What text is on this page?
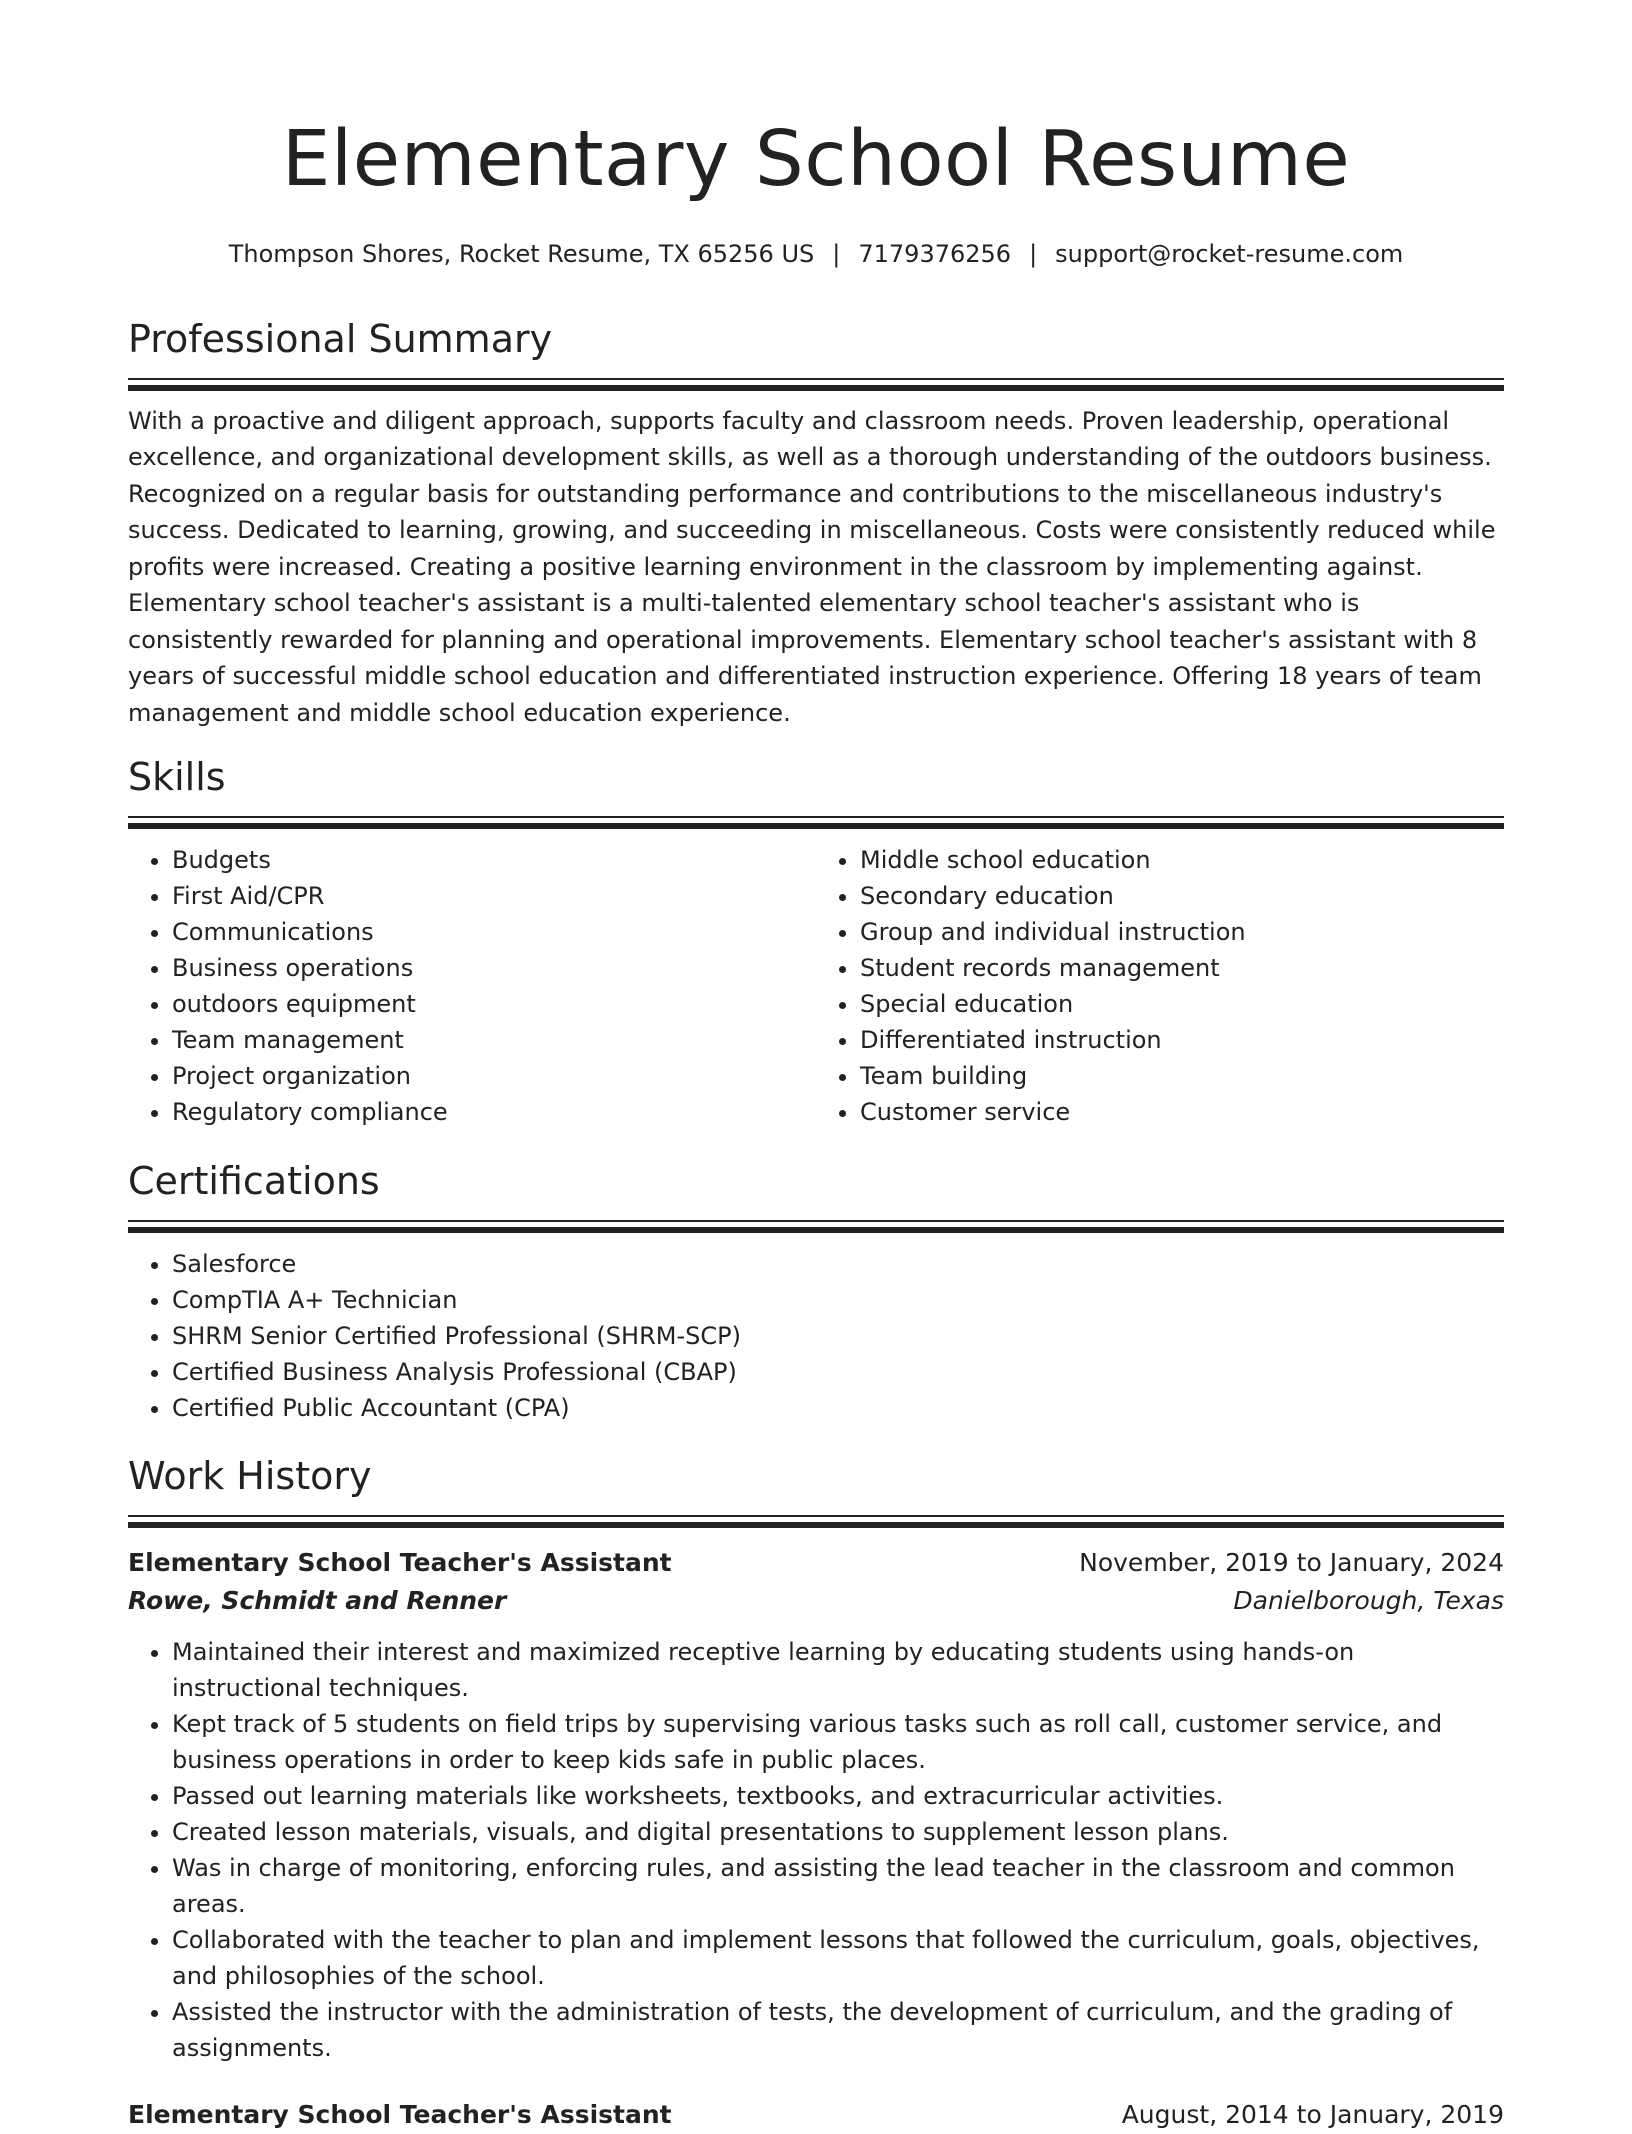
Elementary School Resume
Thompson Shores, Rocket Resume, TX 65256 US | 7179376256 | support@rocket-resume.com
Professional Summary

With a proactive and diligent approach, supports faculty and classroom needs. Proven leadership, operational excellence, and organizational development skills, as well as a thorough understanding of the outdoors business. Recognized on a regular basis for outstanding performance and contributions to the miscellaneous industry's success. Dedicated to learning, growing, and succeeding in miscellaneous. Costs were consistently reduced while profits were increased. Creating a positive learning environment in the classroom by implementing against. Elementary school teacher's assistant is a multi-talented elementary school teacher's assistant who is consistently rewarded for planning and operational improvements. Elementary school teacher's assistant with 8 years of successful middle school education and differentiated instruction experience. Offering 18 years of team management and middle school education experience.

Skills
• Budgets
• First Aid/CPR
• Communications
• Business operations
• outdoors equipment
• Team management
• Project organization
• Regulatory compliance
• Middle school education
• Secondary education
• Group and individual instruction
• Student records management
• Special education
• Differentiated instruction
• Team building
• Customer service
Certifications
• Salesforce
• CompTIA A+ Technician
• SHRM Senior Certified Professional (SHRM-SCP)
• Certified Business Analysis Professional (CBAP)
• Certified Public Accountant (CPA)
Work History
Elementary School Teacher's Assistant	November, 2019 to January, 2024
Rowe, Schmidt and Renner	Danielborough, Texas
• Maintained their interest and maximized receptive learning by educating students using hands-on instructional techniques.
• Kept track of 5 students on field trips by supervising various tasks such as roll call, customer service, and business operations in order to keep kids safe in public places.
• Passed out learning materials like worksheets, textbooks, and extracurricular activities.
• Created lesson materials, visuals, and digital presentations to supplement lesson plans.
• Was in charge of monitoring, enforcing rules, and assisting the lead teacher in the classroom and common areas.
• Collaborated with the teacher to plan and implement lessons that followed the curriculum, goals, objectives, and philosophies of the school.
• Assisted the instructor with the administration of tests, the development of curriculum, and the grading of assignments.
Elementary School Teacher's Assistant	August, 2014 to January, 2019
